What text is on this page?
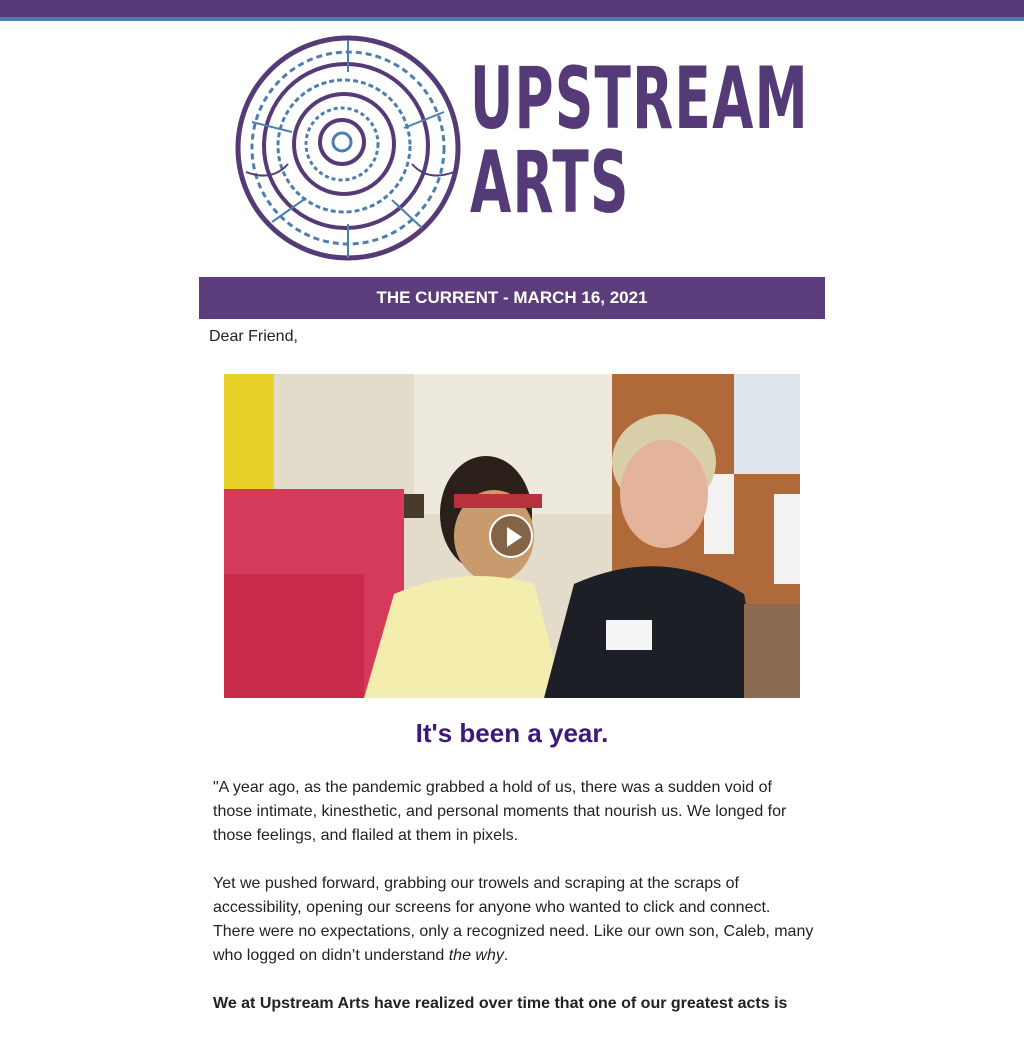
UPSTREAM
ARTS
THE CURRENT - MARCH 16, 2021
Dear Friend,
It's been a year.

"A year ago, as the pandemic grabbed a hold of us, there was a sudden void of those intimate, kinesthetic, and personal moments that nourish us. We longed for those feelings, and flailed at them in pixels.

Yet we pushed forward, grabbing our trowels and scraping at the scraps of accessibility, opening our screens for anyone who wanted to click and connect. There were no expectations, only a recognized need. Like our own son, Caleb, many who logged on didn’t understand the why.

We at Upstream Arts have realized over time that one of our greatest acts is
